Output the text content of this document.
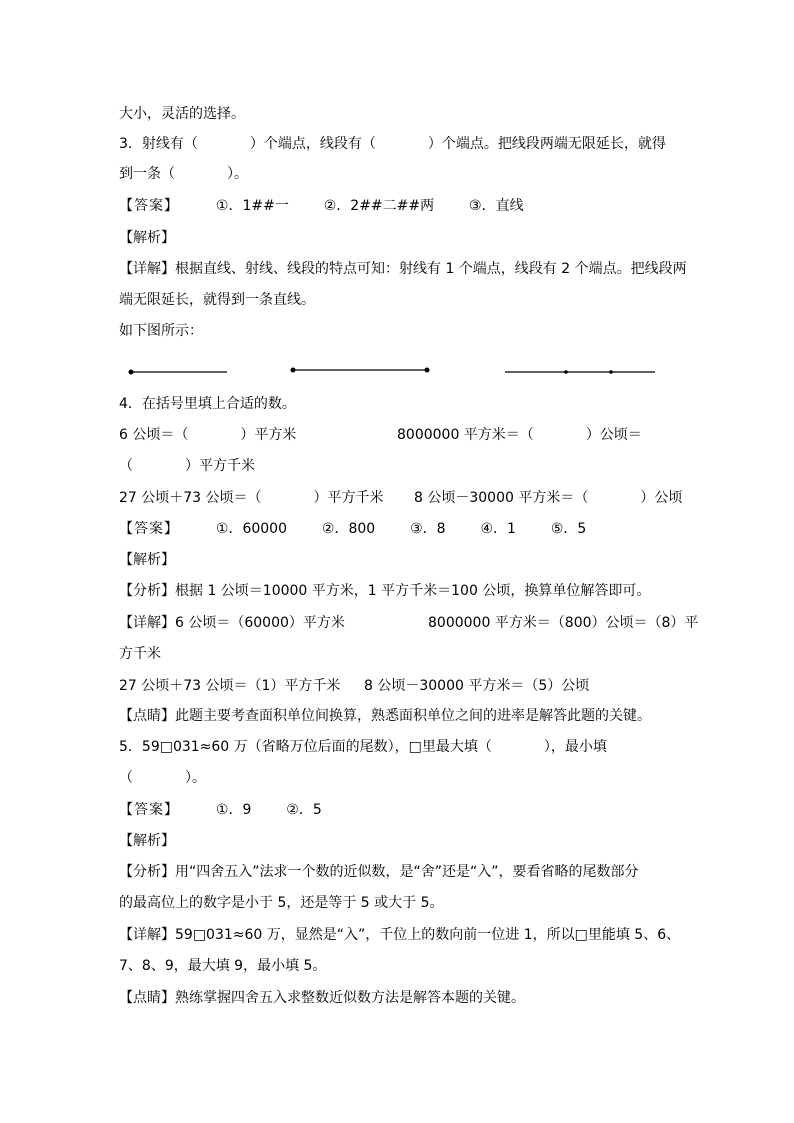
大小，灵活的选择。
3．射线有（	）个端点，线段有（	）个端点。把线段两端无限延长，就得
到一条（	）。
【答案】	①．1##一 ②．2##二##两 ③．直线
【解析】
【详解】根据直线、射线、线段的特点可知：射线有 1 个端点，线段有 2 个端点。把线段两
端无限延长，就得到一条直线。
如下图所示：
4．在括号里填上合适的数。
6 公顷＝（	）平方米	8000000 平方米＝（	）公顷＝
（	）平方千米
27 公顷＋73 公顷＝（	）平方千米 8 公顷－30000 平方米＝（	）公顷
【答案】	①．60000 ②．800 ③．8 ④．1 ⑤．5
【解析】
【分析】根据 1 公顷＝10000 平方米，1 平方千米＝100 公顷，换算单位解答即可。
【详解】6 公顷＝（60000）平方米	8000000 平方米＝（800）公顷＝（8）平
方千米
27 公顷＋73 公顷＝（1）平方千米 8 公顷－30000 平方米＝（5）公顷
【点睛】此题主要考查面积单位间换算，熟悉面积单位之间的进率是解答此题的关键。
5．59□031≈60 万（省略万位后面的尾数），□里最大填（	），最小填
（	）。
【答案】	①．9 ②．5
【解析】
【分析】用“四舍五入”法求一个数的近似数，是“舍”还是“入”，要看省略的尾数部分
的最高位上的数字是小于 5，还是等于 5 或大于 5。
【详解】59□031≈60 万，显然是“入”，千位上的数向前一位进 1，所以□里能填 5、6、
7、8、9，最大填 9，最小填 5。
【点睛】熟练掌握四舍五入求整数近似数方法是解答本题的关键。
